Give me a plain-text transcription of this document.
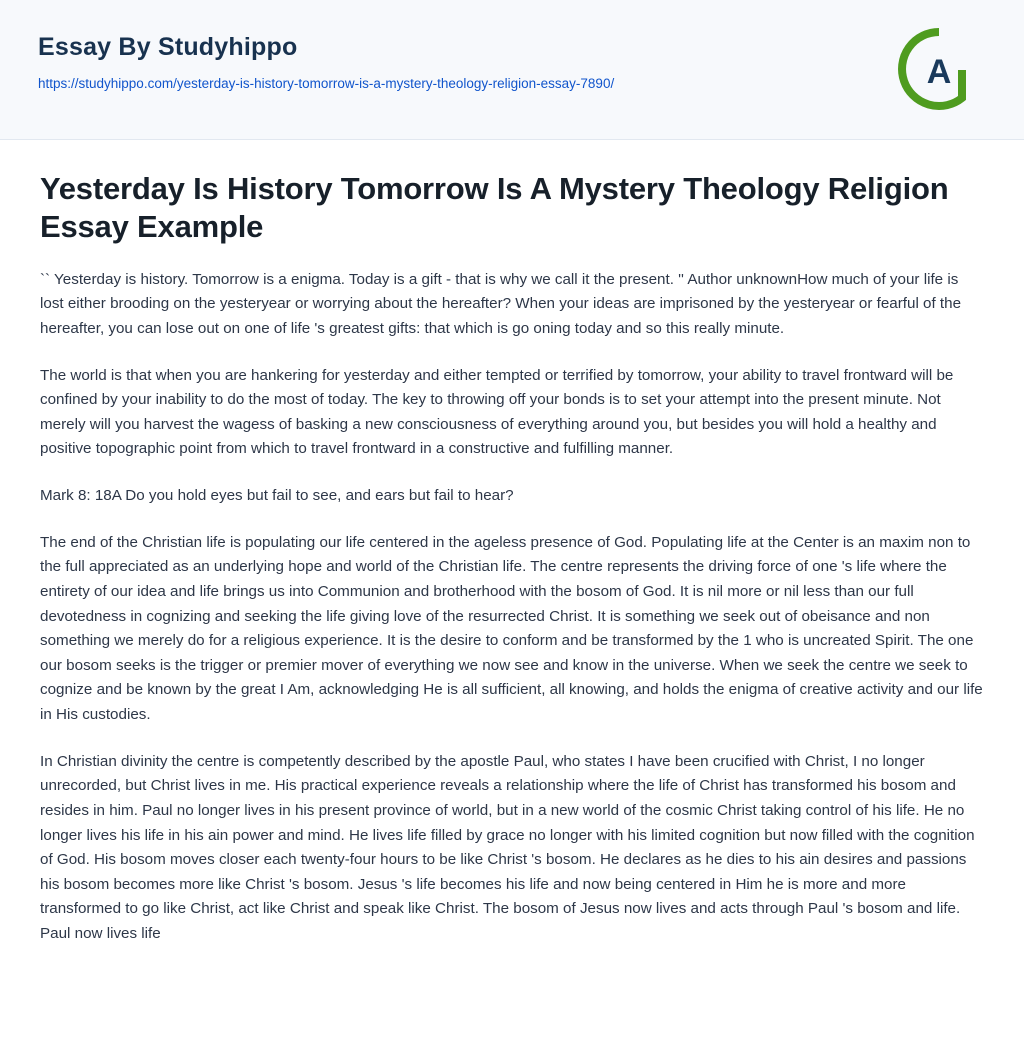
Essay By Studyhippo
https://studyhippo.com/yesterday-is-history-tomorrow-is-a-mystery-theology-religion-essay-7890/	A
Yesterday Is History Tomorrow Is A Mystery Theology Religion Essay Example

`` Yesterday is history. Tomorrow is a enigma. Today is a gift - that is why we call it the present. '' Author unknownHow much of your life is lost either brooding on the yesteryear or worrying about the hereafter? When your ideas are imprisoned by the yesteryear or fearful of the hereafter, you can lose out on one of life 's greatest gifts: that which is go oning today and so this really minute.

The world is that when you are hankering for yesterday and either tempted or terrified by tomorrow, your ability to travel frontward will be confined by your inability to do the most of today. The key to throwing off your bonds is to set your attempt into the present minute. Not merely will you harvest the wagess of basking a new consciousness of everything around you, but besides you will hold a healthy and positive topographic point from which to travel frontward in a constructive and fulfilling manner.

Mark 8: 18A Do you hold eyes but fail to see, and ears but fail to hear?

The end of the Christian life is populating our life centered in the ageless presence of God. Populating life at the Center is an maxim non to the full appreciated as an underlying hope and world of the Christian life. The centre represents the driving force of one 's life where the entirety of our idea and life brings us into Communion and brotherhood with the bosom of God. It is nil more or nil less than our full devotedness in cognizing and seeking the life giving love of the resurrected Christ. It is something we seek out of obeisance and non something we merely do for a religious experience. It is the desire to conform and be transformed by the 1 who is uncreated Spirit. The one our bosom seeks is the trigger or premier mover of everything we now see and know in the universe. When we seek the centre we seek to cognize and be known by the great I Am, acknowledging He is all sufficient, all knowing, and holds the enigma of creative activity and our life in His custodies.

In Christian divinity the centre is competently described by the apostle Paul, who states I have been crucified with Christ, I no longer unrecorded, but Christ lives in me. His practical experience reveals a relationship where the life of Christ has transformed his bosom and resides in him. Paul no longer lives in his present province of world, but in a new world of the cosmic Christ taking control of his life. He no longer lives his life in his ain power and mind. He lives life filled by grace no longer with his limited cognition but now filled with the cognition of God. His bosom moves closer each twenty-four hours to be like Christ 's bosom. He declares as he dies to his ain desires and passions his bosom becomes more like Christ 's bosom. Jesus 's life becomes his life and now being centered in Him he is more and more transformed to go like Christ, act like Christ and speak like Christ. The bosom of Jesus now lives and acts through Paul 's bosom and life. Paul now lives life
